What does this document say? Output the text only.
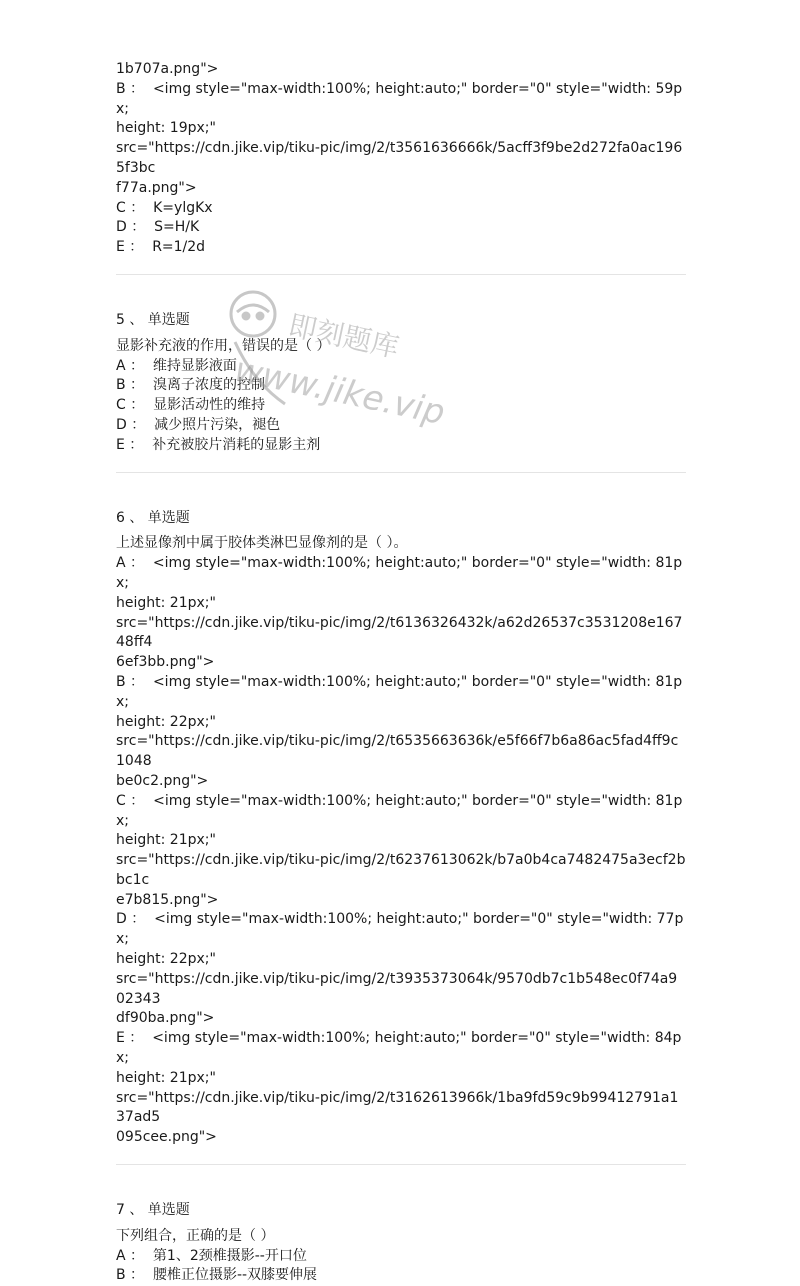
1b707a.png">
B ：  <img style="max-width:100%; height:auto;" border="0" style="width: 59px;
height: 19px;"
src="https://cdn.jike.vip/tiku-pic/img/2/t3561636666k/5acff3f9be2d272fa0ac1965f3bc
f77a.png">
C ：  K=ylgKx
D ：  S=H/K
E ：  R=1/2d
5 、 单选题
显影补充液的作用，错误的是（ ）
A ：  维持显影液面
B ：  溴离子浓度的控制
C ：  显影活动性的维持
D ：  减少照片污染，褪色
E ：  补充被胶片消耗的显影主剂
6 、 单选题
上述显像剂中属于胶体类淋巴显像剂的是（ ）。
A ：  <img style="max-width:100%; height:auto;" border="0" style="width: 81px;
height: 21px;"
src="https://cdn.jike.vip/tiku-pic/img/2/t6136326432k/a62d26537c3531208e16748ff4
6ef3bb.png">
B ：  <img style="max-width:100%; height:auto;" border="0" style="width: 81px;
height: 22px;"
src="https://cdn.jike.vip/tiku-pic/img/2/t6535663636k/e5f66f7b6a86ac5fad4ff9c1048
be0c2.png">
C ：  <img style="max-width:100%; height:auto;" border="0" style="width: 81px;
height: 21px;"
src="https://cdn.jike.vip/tiku-pic/img/2/t6237613062k/b7a0b4ca7482475a3ecf2bbc1c
e7b815.png">
D ：  <img style="max-width:100%; height:auto;" border="0" style="width: 77px;
height: 22px;"
src="https://cdn.jike.vip/tiku-pic/img/2/t3935373064k/9570db7c1b548ec0f74a902343
df90ba.png">
E ：  <img style="max-width:100%; height:auto;" border="0" style="width: 84px;
height: 21px;"
src="https://cdn.jike.vip/tiku-pic/img/2/t3162613966k/1ba9fd59c9b99412791a137ad5
095cee.png">
7 、 单选题
下列组合，正确的是（ ）
A ：  第1、2颈椎摄影--开口位
B ：  腰椎正位摄影--双膝要伸展
即刻题库
www.jike.vip
